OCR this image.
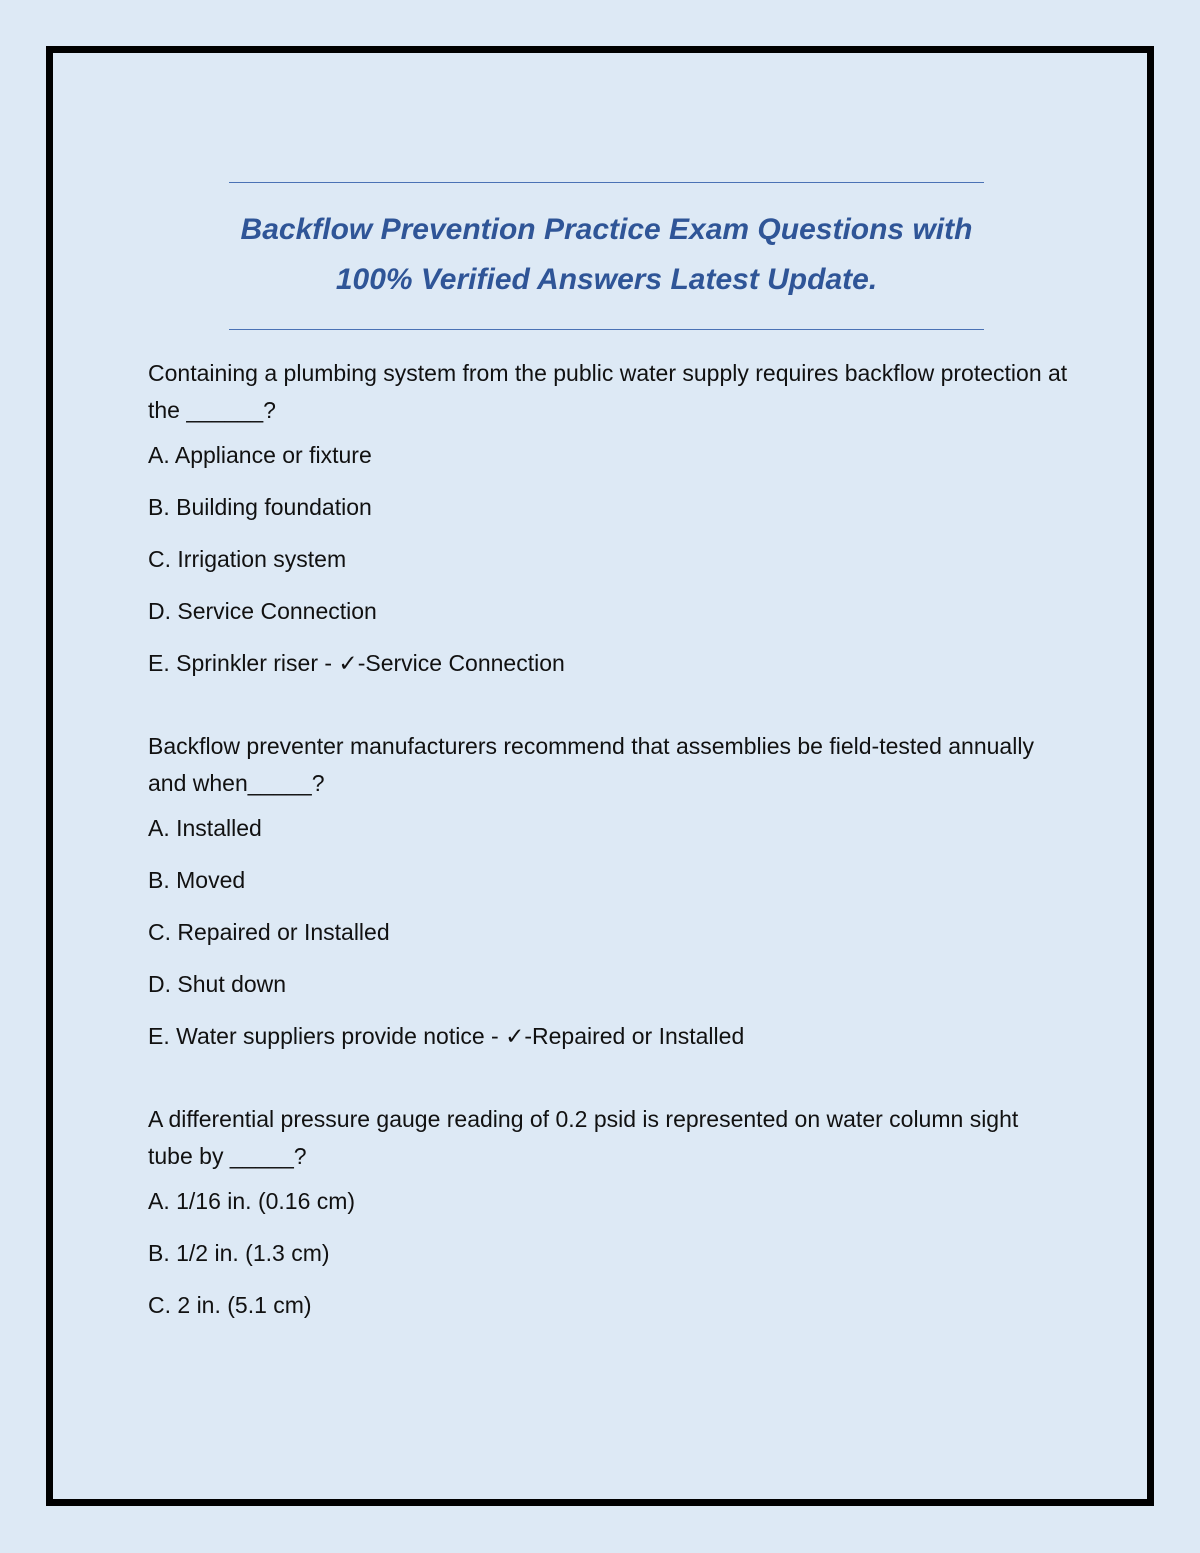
Backflow Prevention Practice Exam Questions with
100% Verified Answers Latest Update.
Containing a plumbing system from the public water supply requires backflow protection at the ______?
A. Appliance or fixture
B. Building foundation
C. Irrigation system
D. Service Connection
E. Sprinkler riser - ✓-Service Connection
Backflow preventer manufacturers recommend that assemblies be field-tested annually and when_____?
A. Installed
B. Moved
C. Repaired or Installed
D. Shut down
E. Water suppliers provide notice - ✓-Repaired or Installed
A differential pressure gauge reading of 0.2 psid is represented on water column sight tube by _____?
A. 1/16 in. (0.16 cm)
B. 1/2 in. (1.3 cm)
C. 2 in. (5.1 cm)
